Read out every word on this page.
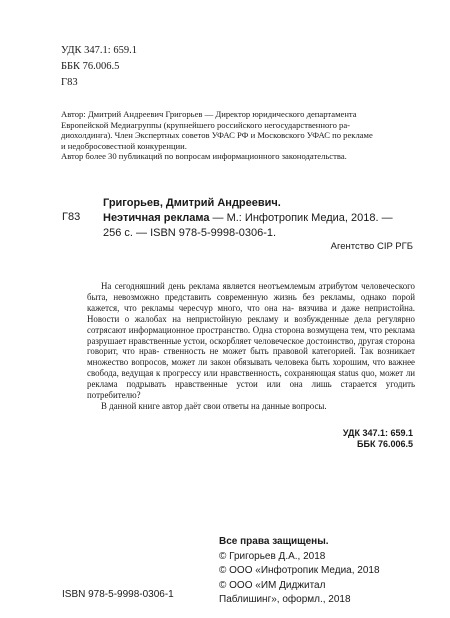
УДК 347.1: 659.1
ББК 76.006.5
Г83
Автор: Дмитрий Андреевич Григорьев — Директор юридического департамента
Европейской Медиагруппы (крупнейшего российского негосударственного ра-
диохолдинга). Член Экспертных советов УФАС РФ и Московского УФАС по рекламе
и недобросовестной конкуренции.
Автор более 30 публикаций по вопросам информационного законодательства.
Г83
Григорьев, Дмитрий Андреевич.
Неэтичная реклама — М.: Инфотропик Медиа, 2018. —
256 с. — ISBN 978-5-9998-0306-1.
Агентство CIP РГБ

На сегодняшний день реклама является неотъемлемым атрибутом человеческого быта, невозможно представить современную жизнь без рекламы, однако порой кажется, что рекламы чересчур много, что она на- вязчива и даже непристойна. Новости о жалобах на непристойную рекламу и возбужденные дела регулярно сотрясают информационное пространство. Одна сторона возмущена тем, что реклама разрушает нравственные устои, оскорбляет человеческое достоинство, другая сторона говорит, что нрав- ственность не может быть правовой категорией. Так возникает множество вопросов, может ли закон обязывать человека быть хорошим, что важнее свобода, ведущая к прогрессу или нравственность, сохраняющая status quo, может ли реклама подрывать нравственные устои или она лишь старается угодить потребителю?

В данной книге автор даёт свои ответы на данные вопросы.

УДК 347.1: 659.1
ББК 76.006.5
Все права защищены.
© Григорьев Д.А., 2018
© ООО «Инфотропик Медиа, 2018
© ООО «ИМ Диджитал
Паблишинг», оформл., 2018
ISBN 978-5-9998-0306-1
